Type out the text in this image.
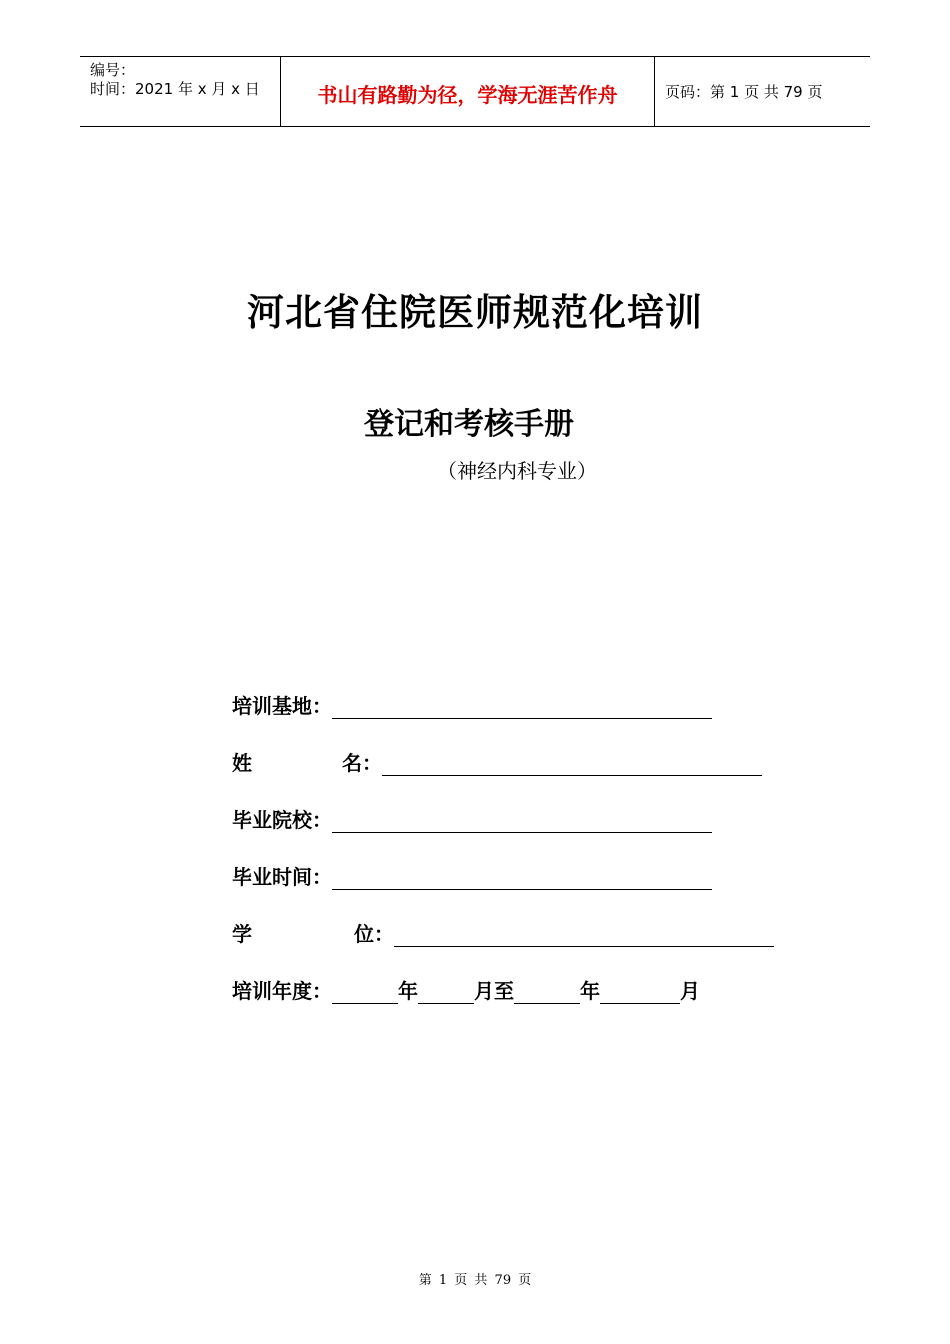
编号：
时间：2021 年 x 月 x 日	书山有路勤为径，学海无涯苦作舟	页码：第 1 页 共 79 页
河北省住院医师规范化培训
登记和考核手册
（神经内科专业）
培训基地：
姓	名：
毕业院校：
毕业时间：
学	位：
培训年度：	年	月至	年	月
第 1 页 共 79 页
